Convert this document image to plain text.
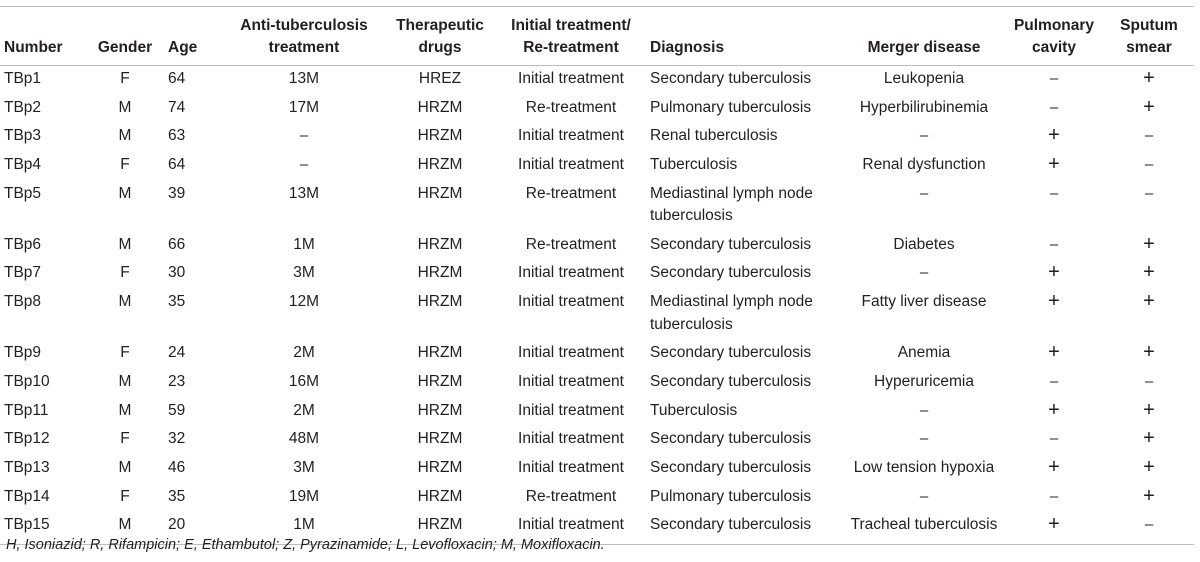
Number	Gender	Age	Anti-tuberculosis treatment	Therapeutic drugs	Initial treatment/ Re-treatment	Diagnosis	Merger disease	Pulmonary cavity	Sputum smear
TBp1	F	64	13M	HREZ	Initial treatment	Secondary tuberculosis	Leukopenia	–	+
TBp2	M	74	17M	HRZM	Re-treatment	Pulmonary tuberculosis	Hyperbilirubinemia	–	+
TBp3	M	63	–	HRZM	Initial treatment	Renal tuberculosis	–	+	–
TBp4	F	64	–	HRZM	Initial treatment	Tuberculosis	Renal dysfunction	+	–
TBp5	M	39	13M	HRZM	Re-treatment	Mediastinal lymph node tuberculosis	–	–	–
TBp6	M	66	1M	HRZM	Re-treatment	Secondary tuberculosis	Diabetes	–	+
TBp7	F	30	3M	HRZM	Initial treatment	Secondary tuberculosis	–	+	+
TBp8	M	35	12M	HRZM	Initial treatment	Mediastinal lymph node tuberculosis	Fatty liver disease	+	+
TBp9	F	24	2M	HRZM	Initial treatment	Secondary tuberculosis	Anemia	+	+
TBp10	M	23	16M	HRZM	Initial treatment	Secondary tuberculosis	Hyperuricemia	–	–
TBp11	M	59	2M	HRZM	Initial treatment	Tuberculosis	–	+	+
TBp12	F	32	48M	HRZM	Initial treatment	Secondary tuberculosis	–	–	+
TBp13	M	46	3M	HRZM	Initial treatment	Secondary tuberculosis	Low tension hypoxia	+	+
TBp14	F	35	19M	HRZM	Re-treatment	Pulmonary tuberculosis	–	–	+
TBp15	M	20	1M	HRZM	Initial treatment	Secondary tuberculosis	Tracheal tuberculosis	+	–
H, Isoniazid; R, Rifampicin; E, Ethambutol; Z, Pyrazinamide; L, Levofloxacin; M, Moxifloxacin.
